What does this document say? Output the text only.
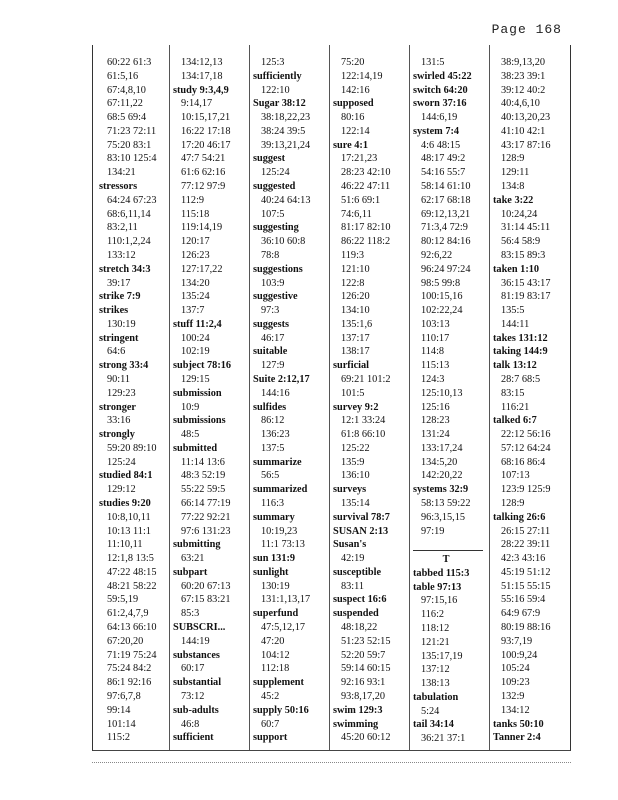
Page 168
60:22 61:3
61:5,16
67:4,8,10
67:11,22
68:5 69:4
71:23 72:11
75:20 83:1
83:10 125:4
134:21
stressors
64:24 67:23
68:6,11,14
83:2,11
110:1,2,24
133:12
stretch 34:3
39:17
strike 7:9
strikes
130:19
stringent
64:6
strong 33:4
90:11
129:23
stronger
33:16
strongly
59:20 89:10
125:24
studied 84:1
129:12
studies 9:20
10:8,10,11
10:13 11:1
11:10,11
12:1,8 13:5
47:22 48:15
48:21 58:22
59:5,19
61:2,4,7,9
64:13 66:10
67:20,20
71:19 75:24
75:24 84:2
86:1 92:16
97:6,7,8
99:14
101:14
115:2
134:12,13
134:17,18
study 9:3,4,9
9:14,17
10:15,17,21
16:22 17:18
17:20 46:17
47:7 54:21
61:6 62:16
77:12 97:9
112:9
115:18
119:14,19
120:17
126:23
127:17,22
134:20
135:24
137:7
stuff 11:2,4
100:24
102:19
subject 78:16
129:15
submission
10:9
submissions
48:5
submitted
11:14 13:6
48:3 52:19
55:22 59:5
66:14 77:19
77:22 92:21
97:6 131:23
submitting
63:21
subpart
60:20 67:13
67:15 83:21
85:3
SUBSCRI...
144:19
substances
60:17
substantial
73:12
sub-adults
46:8
sufficient
125:3
sufficiently
122:10
Sugar 38:12
38:18,22,23
38:24 39:5
39:13,21,24
suggest
125:24
suggested
40:24 64:13
107:5
suggesting
36:10 60:8
78:8
suggestions
103:9
suggestive
97:3
suggests
46:17
suitable
127:9
Suite 2:12,17
144:16
sulfides
86:12
136:23
137:5
summarize
56:5
summarized
116:3
summary
10:19,23
11:1 73:13
sun 131:9
sunlight
130:19
131:1,13,17
superfund
47:5,12,17
47:20
104:12
112:18
supplement
45:2
supply 50:16
60:7
support
75:20
122:14,19
142:16
supposed
80:16
122:14
sure 4:1
17:21,23
28:23 42:10
46:22 47:11
51:6 69:1
74:6,11
81:17 82:10
86:22 118:2
119:3
121:10
122:8
126:20
134:10
135:1,6
137:17
138:17
surficial
69:21 101:2
101:5
survey 9:2
12:1 33:24
61:8 66:10
125:22
135:9
136:10
surveys
135:14
survival 78:7
SUSAN 2:13
Susan's
42:19
susceptible
83:11
suspect 16:6
suspended
48:18,22
51:23 52:15
52:20 59:7
59:14 60:15
92:16 93:1
93:8,17,20
swim 129:3
swimming
45:20 60:12
131:5
swirled 45:22
switch 64:20
sworn 37:16
144:6,19
system 7:4
4:6 48:15
48:17 49:2
54:16 55:7
58:14 61:10
62:17 68:18
69:12,13,21
71:3,4 72:9
80:12 84:16
92:6,22
96:24 97:24
98:5 99:8
100:15,16
102:22,24
103:13
110:17
114:8
115:13
124:3
125:10,13
125:16
128:23
131:24
133:17,24
134:5,20
142:20,22
systems 32:9
58:13 59:22
96:3,15,15
97:19
T
tabbed 115:3
table 97:13
97:15,16
116:2
118:12
121:21
135:17,19
137:12
138:13
tabulation
5:24
tail 34:14
36:21 37:1
38:9,13,20
38:23 39:1
39:12 40:2
40:4,6,10
40:13,20,23
41:10 42:1
43:17 87:16
128:9
129:11
134:8
take 3:22
10:24,24
31:14 45:11
56:4 58:9
83:15 89:3
taken 1:10
36:15 43:17
81:19 83:17
135:5
144:11
takes 131:12
taking 144:9
talk 13:12
28:7 68:5
83:15
116:21
talked 6:7
22:12 56:16
57:12 64:24
68:16 86:4
107:13
123:9 125:9
128:9
talking 26:6
26:15 27:11
28:22 39:11
42:3 43:16
45:19 51:12
51:15 55:15
55:16 59:4
64:9 67:9
80:19 88:16
93:7,19
100:9,24
105:24
109:23
132:9
134:12
tanks 50:10
Tanner 2:4
